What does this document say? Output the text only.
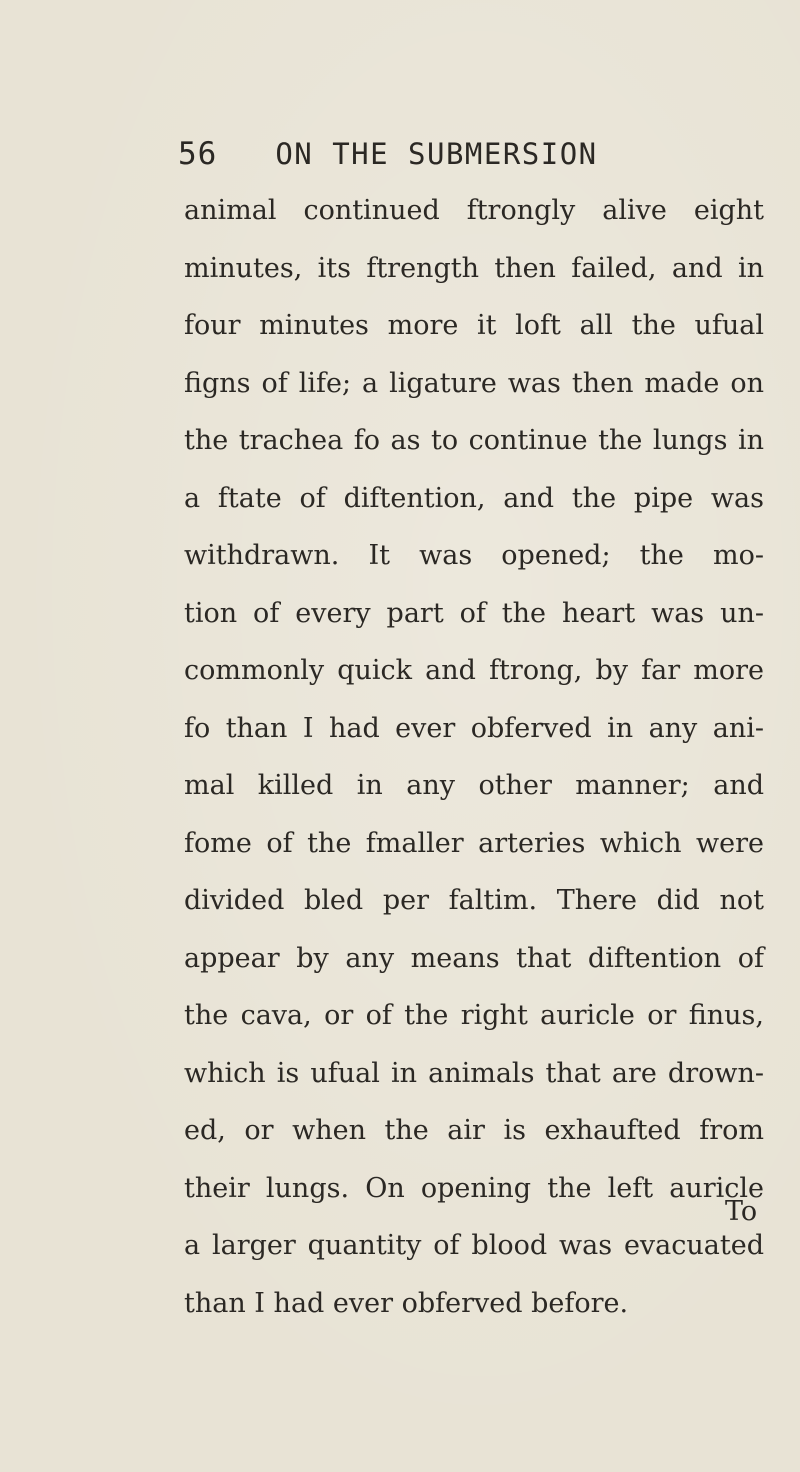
56 ON THE SUBMERSION
animal continued ftrongly alive eight
minutes, its ftrength then failed, and in
four minutes more it loft all the ufual
figns of life; a ligature was then made on
the trachea fo as to continue the lungs in
a ftate of diftention, and the pipe was
withdrawn. It was opened; the mo-
tion of every part of the heart was un-
commonly quick and ftrong, by far more
fo than I had ever obferved in any ani-
mal killed in any other manner; and
fome of the fmaller arteries which were
divided bled per faltim. There did not
appear by any means that diftention of
the cava, or of the right auricle or finus,
which is ufual in animals that are drown-
ed, or when the air is exhaufted from
their lungs. On opening the left auricle
a larger quantity of blood was evacuated
than I had ever obferved before.
To
